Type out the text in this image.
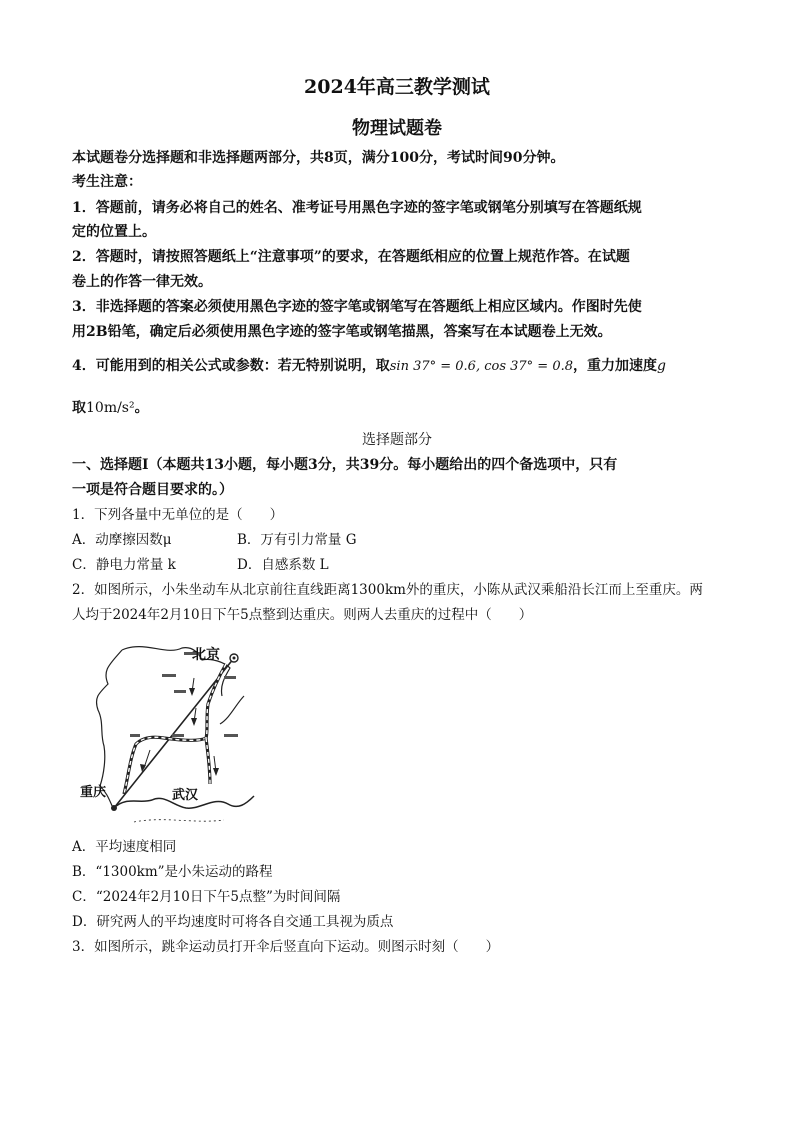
2024年高三教学测试
物理试题卷
本试题卷分选择题和非选择题两部分，共8页，满分100分，考试时间90分钟。
考生注意：
1．答题前，请务必将自己的姓名、准考证号用黑色字迹的签字笔或钢笔分别填写在答题纸规
定的位置上。
2．答题时，请按照答题纸上“注意事项”的要求，在答题纸相应的位置上规范作答。在试题
卷上的作答一律无效。
3．非选择题的答案必须使用黑色字迹的签字笔或钢笔写在答题纸上相应区域内。作图时先使
用2B铅笔，确定后必须使用黑色字迹的签字笔或钢笔描黑，答案写在本试题卷上无效。
4．可能用到的相关公式或参数：若无特别说明，取sin 37° = 0.6, cos 37° = 0.8，重力加速度g
取10m/s²。
选择题部分
一、选择题Ⅰ（本题共13小题，每小题3分，共39分。每小题给出的四个备选项中，只有
一项是符合题目要求的。）
1．下列各量中无单位的是（　　）
A．动摩擦因数μ	B．万有引力常量 G
C．静电力常量 k	D．自感系数 L
2．如图所示，小朱坐动车从北京前往直线距离1300km外的重庆，小陈从武汉乘船沿长江而上至重庆。两
人均于2024年2月10日下午5点整到达重庆。则两人去重庆的过程中（　　）
北京
重庆	武汉
A．平均速度相同
B．“1300km”是小朱运动的路程
C．“2024年2月10日下午5点整”为时间间隔
D．研究两人的平均速度时可将各自交通工具视为质点
3．如图所示，跳伞运动员打开伞后竖直向下运动。则图示时刻（　　）
